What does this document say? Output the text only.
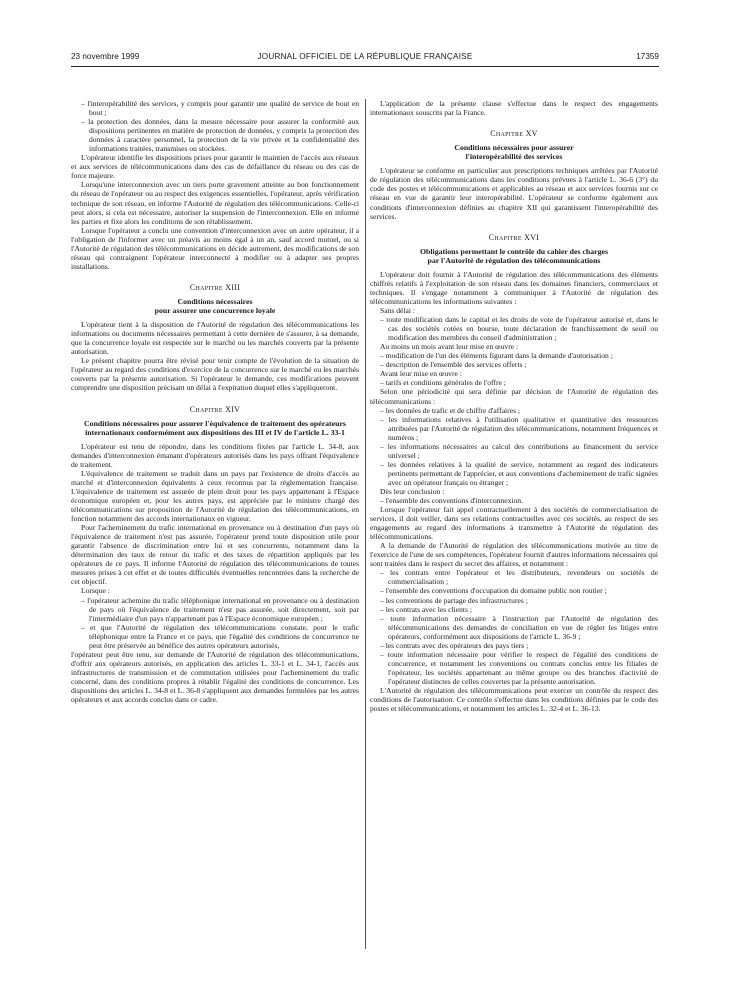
23 novembre 1999	JOURNAL OFFICIEL DE LA RÉPUBLIQUE FRANÇAISE	17359

– l'interopérabilité des services, y compris pour garantir une qualité de service de bout en bout ;

– la protection des données, dans la mesure nécessaire pour assurer la conformité aux dispositions pertinentes en matière de protection de données, y compris la protection des données à caractère personnel, la protection de la vie privée et la confidentialité des informations traitées, transmises ou stockées.

L'opérateur identifie les dispositions prises pour garantir le maintien de l'accès aux réseaux et aux services de télécommunications dans des cas de défaillance du réseau ou des cas de force majeure.

Lorsqu'une interconnexion avec un tiers porte gravement atteinte au bon fonctionnement du réseau de l'opérateur ou au respect des exigences essentielles, l'opérateur, après vérification technique de son réseau, en informe l'Autorité de régulation des télécommunications. Celle-ci peut alors, si cela est nécessaire, autoriser la suspension de l'interconnexion. Elle en informe les parties et fixe alors les conditions de son rétablissement.

Lorsque l'opérateur a conclu une convention d'interconnexion avec un autre opérateur, il a l'obligation de l'informer avec un préavis au moins égal à un an, sauf accord mutuel, ou si l'Autorité de régulation des télécommunications en décide autrement, des modifications de son réseau qui contraignent l'opérateur interconnecté à modifier ou à adapter ses propres installations.

Chapitre XIII
Conditions nécessaires
pour assurer une concurrence loyale

L'opérateur tient à la disposition de l'Autorité de régulation des télécommunications les informations ou documents nécessaires permettant à cette dernière de s'assurer, à sa demande, que la concurrence loyale est respectée sur le marché ou les marchés couverts par la présente autorisation.

Le présent chapitre pourra être révisé pour tenir compte de l'évolution de la situation de l'opérateur au regard des conditions d'exercice de la concurrence sur le marché ou les marchés couverts par la présente autorisation. Si l'opérateur le demande, ces modifications peuvent comprendre une disposition précisant un délai à l'expiration duquel elles s'appliqueront.

Chapitre XIV
Conditions nécessaires pour assurer l'équivalence de traitement des opérateurs internationaux conformément aux dispositions des III et IV de l'article L. 33-1

L'opérateur est tenu de répondre, dans les conditions fixées par l'article L. 34-8, aux demandes d'interconnexion émanant d'opérateurs autorisés dans les pays offrant l'équivalence de traitement.

L'équivalence de traitement se traduit dans un pays par l'existence de droits d'accès au marché et d'interconnexion équivalents à ceux reconnus par la réglementation française. L'équivalence de traitement est assurée de plein droit pour les pays appartenant à l'Espace économique européen et, pour les autres pays, est appréciée par le ministre chargé des télécommunications sur proposition de l'Autorité de régulation des télécommunications, en fonction notamment des accords internationaux en vigueur.

Pour l'acheminement du trafic international en provenance ou à destination d'un pays où l'équivalence de traitement n'est pas assurée, l'opérateur prend toute disposition utile pour garantir l'absence de discrimination entre lui et ses concurrents, notamment dans la détermination des taux de retour du trafic et des taxes de répartition appliqués par les opérateurs de ce pays. Il informe l'Autorité de régulation des télécommunications de toutes mesures prises à cet effet et de toutes difficultés éventuelles rencontrées dans la recherche de cet objectif.

Lorsque :

– l'opérateur achemine du trafic téléphonique international en provenance ou à destination de pays où l'équivalence de traitement n'est pas assurée, soit directement, soit par l'intermédiaire d'un pays n'appartenant pas à l'Espace économique européen ;

– et que l'Autorité de régulation des télécommunications constate, pour le trafic téléphonique entre la France et ce pays, que l'égalité des conditions de concurrence ne peut être préservée au bénéfice des autres opérateurs autorisés,

l'opérateur peut être tenu, sur demande de l'Autorité de régulation des télécommunications, d'offrir aux opérateurs autorisés, en application des articles L. 33-1 et L. 34-1, l'accès aux infrastructures de transmission et de commutation utilisées pour l'acheminement du trafic concerné, dans des conditions propres à rétablir l'égalité des conditions de concurrence. Les dispositions des articles L. 34-8 et L. 36-8 s'appliquent aux demandes formulées par les autres opérateurs et aux accords conclus dans ce cadre.

L'application de la présente clause s'effectue dans le respect des engagements internationaux souscrits par la France.

Chapitre XV
Conditions nécessaires pour assurer
l'interopérabilité des services

L'opérateur se conforme en particulier aux prescriptions techniques arrêtées par l'Autorité de régulation des télécommunications dans les conditions prévues à l'article L. 36-6 (3°) du code des postes et télécommunications et applicables au réseau et aux services fournis sur ce réseau en vue de garantir leur interopérabilité. L'opérateur se conforme également aux conditions d'interconnexion définies au chapitre XII qui garantissent l'interopérabilité des services.

Chapitre XVI
Obligations permettant le contrôle du cahier des charges
par l'Autorité de régulation des télécommunications

L'opérateur doit fournir à l'Autorité de régulation des télécommunications des éléments chiffrés relatifs à l'exploitation de son réseau dans les domaines financiers, commerciaux et techniques. Il s'engage notamment à communiquer à l'Autorité de régulation des télécommunications les informations suivantes :

Sans délai :

– toute modification dans le capital et les droits de vote de l'opérateur autorisé et, dans le cas des sociétés cotées en bourse, toute déclaration de franchissement de seuil ou modification des membres du conseil d'administration ;

Au moins un mois avant leur mise en œuvre :

– modification de l'un des éléments figurant dans la demande d'autorisation ;

– description de l'ensemble des services offerts ;

Avant leur mise en œuvre :

– tarifs et conditions générales de l'offre ;

Selon une périodicité qui sera définie par décision de l'Autorité de régulation des télécommunications :

– les données de trafic et de chiffre d'affaires ;

– les informations relatives à l'utilisation qualitative et quantitative des ressources attribuées par l'Autorité de régulation des télécommunications, notamment fréquences et numéros ;

– les informations nécessaires au calcul des contributions au financement du service universel ;

– les données relatives à la qualité de service, notamment au regard des indicateurs pertinents permettant de l'apprécier, et aux conventions d'acheminement de trafic signées avec un opérateur français ou étranger ;

Dès leur conclusion :

– l'ensemble des conventions d'interconnexion.

Lorsque l'opérateur fait appel contractuellement à des sociétés de commercialisation de services, il doit veiller, dans ses relations contractuelles avec ces sociétés, au respect de ses engagements au regard des informations à transmettre à l'Autorité de régulation des télécommunications.

A la demande de l'Autorité de régulation des télécommunications motivée au titre de l'exercice de l'une de ses compétences, l'opérateur fournit d'autres informations nécessaires qui sont traitées dans le respect du secret des affaires, et notamment :

– les contrats entre l'opérateur et les distributeurs, revendeurs ou sociétés de commercialisation ;

– l'ensemble des conventions d'occupation du domaine public non routier ;

– les conventions de partage des infrastructures ;

– les contrats avec les clients ;

– toute information nécessaire à l'instruction par l'Autorité de régulation des télécommunications des demandes de conciliation en vue de régler les litiges entre opérateurs, conformément aux dispositions de l'article L. 36-9 ;

– les contrats avec des opérateurs des pays tiers ;

– toute information nécessaire pour vérifier le respect de l'égalité des conditions de concurrence, et notamment les conventions ou contrats conclus entre les filiales de l'opérateur, les sociétés appartenant au même groupe ou des branches d'activité de l'opérateur distinctes de celles couvertes par la présente autorisation.

L'Autorité de régulation des télécommunications peut exercer un contrôle du respect des conditions de l'autorisation. Ce contrôle s'effectue dans les conditions définies par le code des postes et télécommunications, et notamment les articles L. 32-4 et L. 36-13.
